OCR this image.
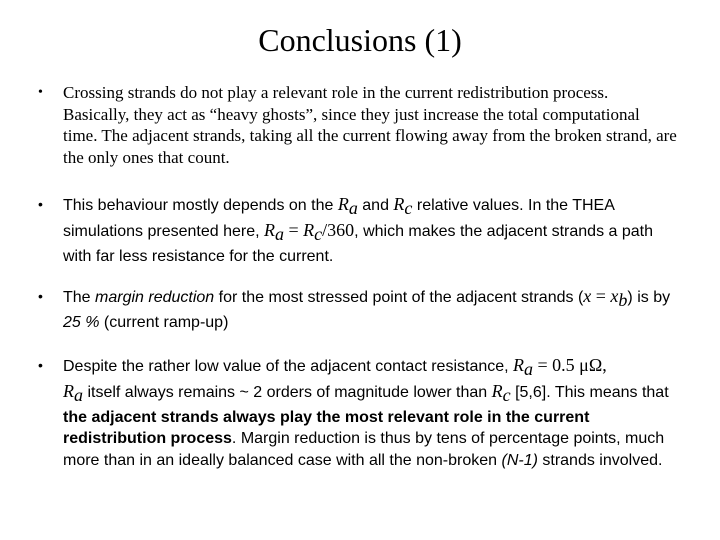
Conclusions (1)
•	Crossing strands do not play a relevant role in the current redistribution process. Basically, they act as “heavy ghosts”, since they just increase the total computational time. The adjacent strands, taking all the current flowing away from the broken strand, are the only ones that count.
•	This behaviour mostly depends on the $R_a$ and $R_c$ relative values. In the THEA simulations presented here, $R_a = R_c/360$, which makes the adjacent strands a path with far less resistance for the current.
•	The margin reduction for the most stressed point of the adjacent strands $(x = x_b)$ is by 25 % (current ramp-up)
•	Despite the rather low value of the adjacent contact resistance, $R_a = 0.5$ μΩ,
$R_a$ itself always remains ~ 2 orders of magnitude lower than $R_c$ [5,6]. This means that the adjacent strands always play the most relevant role in the current redistribution process. Margin reduction is thus by tens of percentage points, much more than in an ideally balanced case with all the non-broken (N-1) strands involved.
